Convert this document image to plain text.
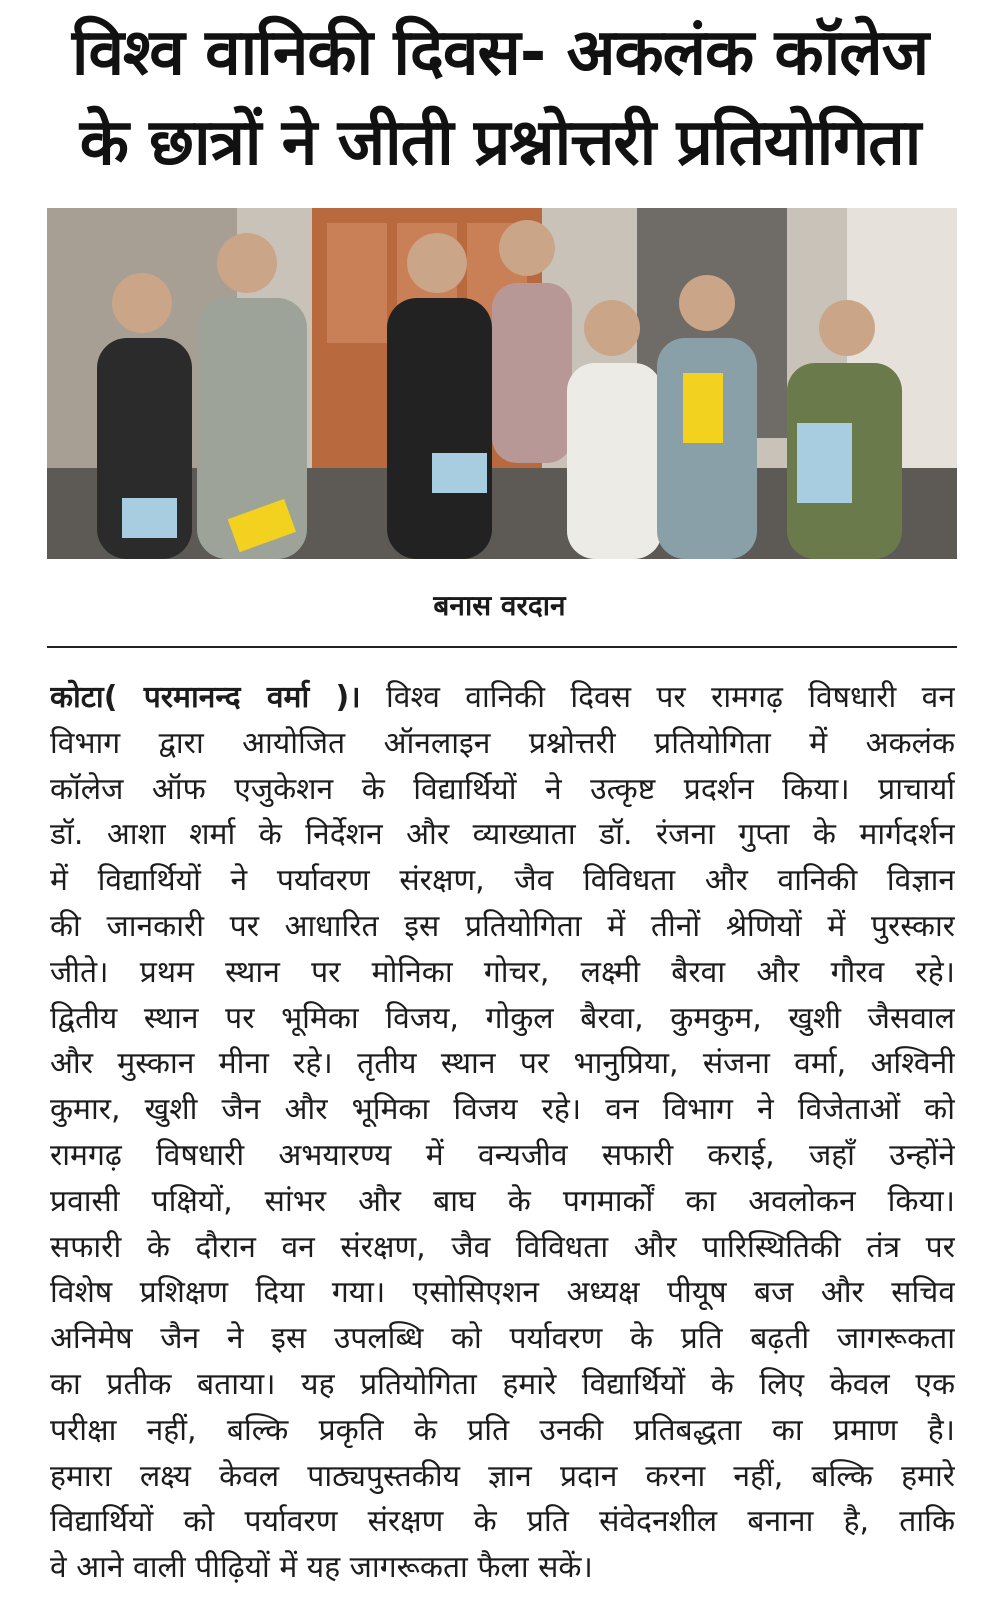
विश्व वानिकी दिवस- अकलंक कॉलेज
के छात्रों ने जीती प्रश्नोत्तरी प्रतियोगिता
बनास वरदान
कोटा( परमानन्द वर्मा )। विश्व वानिकी दिवस पर रामगढ़ विषधारी वन
विभाग द्वारा आयोजित ऑनलाइन प्रश्नोत्तरी प्रतियोगिता में अकलंक
कॉलेज ऑफ एजुकेशन के विद्यार्थियों ने उत्कृष्ट प्रदर्शन किया। प्राचार्या
डॉ. आशा शर्मा के निर्देशन और व्याख्याता डॉ. रंजना गुप्ता के मार्गदर्शन
में विद्यार्थियों ने पर्यावरण संरक्षण, जैव विविधता और वानिकी विज्ञान
की जानकारी पर आधारित इस प्रतियोगिता में तीनों श्रेणियों में पुरस्कार
जीते। प्रथम स्थान पर मोनिका गोचर, लक्ष्मी बैरवा और गौरव रहे।
द्वितीय स्थान पर भूमिका विजय, गोकुल बैरवा, कुमकुम, खुशी जैसवाल
और मुस्कान मीना रहे। तृतीय स्थान पर भानुप्रिया, संजना वर्मा, अश्विनी
कुमार, खुशी जैन और भूमिका विजय रहे। वन विभाग ने विजेताओं को
रामगढ़ विषधारी अभयारण्य में वन्यजीव सफारी कराई, जहाँ उन्होंने
प्रवासी पक्षियों, सांभर और बाघ के पगमार्कों का अवलोकन किया।
सफारी के दौरान वन संरक्षण, जैव विविधता और पारिस्थितिकी तंत्र पर
विशेष प्रशिक्षण दिया गया। एसोसिएशन अध्यक्ष पीयूष बज और सचिव
अनिमेष जैन ने इस उपलब्धि को पर्यावरण के प्रति बढ़ती जागरूकता
का प्रतीक बताया। यह प्रतियोगिता हमारे विद्यार्थियों के लिए केवल एक
परीक्षा नहीं, बल्कि प्रकृति के प्रति उनकी प्रतिबद्धता का प्रमाण है।
हमारा लक्ष्य केवल पाठ्यपुस्तकीय ज्ञान प्रदान करना नहीं, बल्कि हमारे
विद्यार्थियों को पर्यावरण संरक्षण के प्रति संवेदनशील बनाना है, ताकि
वे आने वाली पीढ़ियों में यह जागरूकता फैला सकें।
